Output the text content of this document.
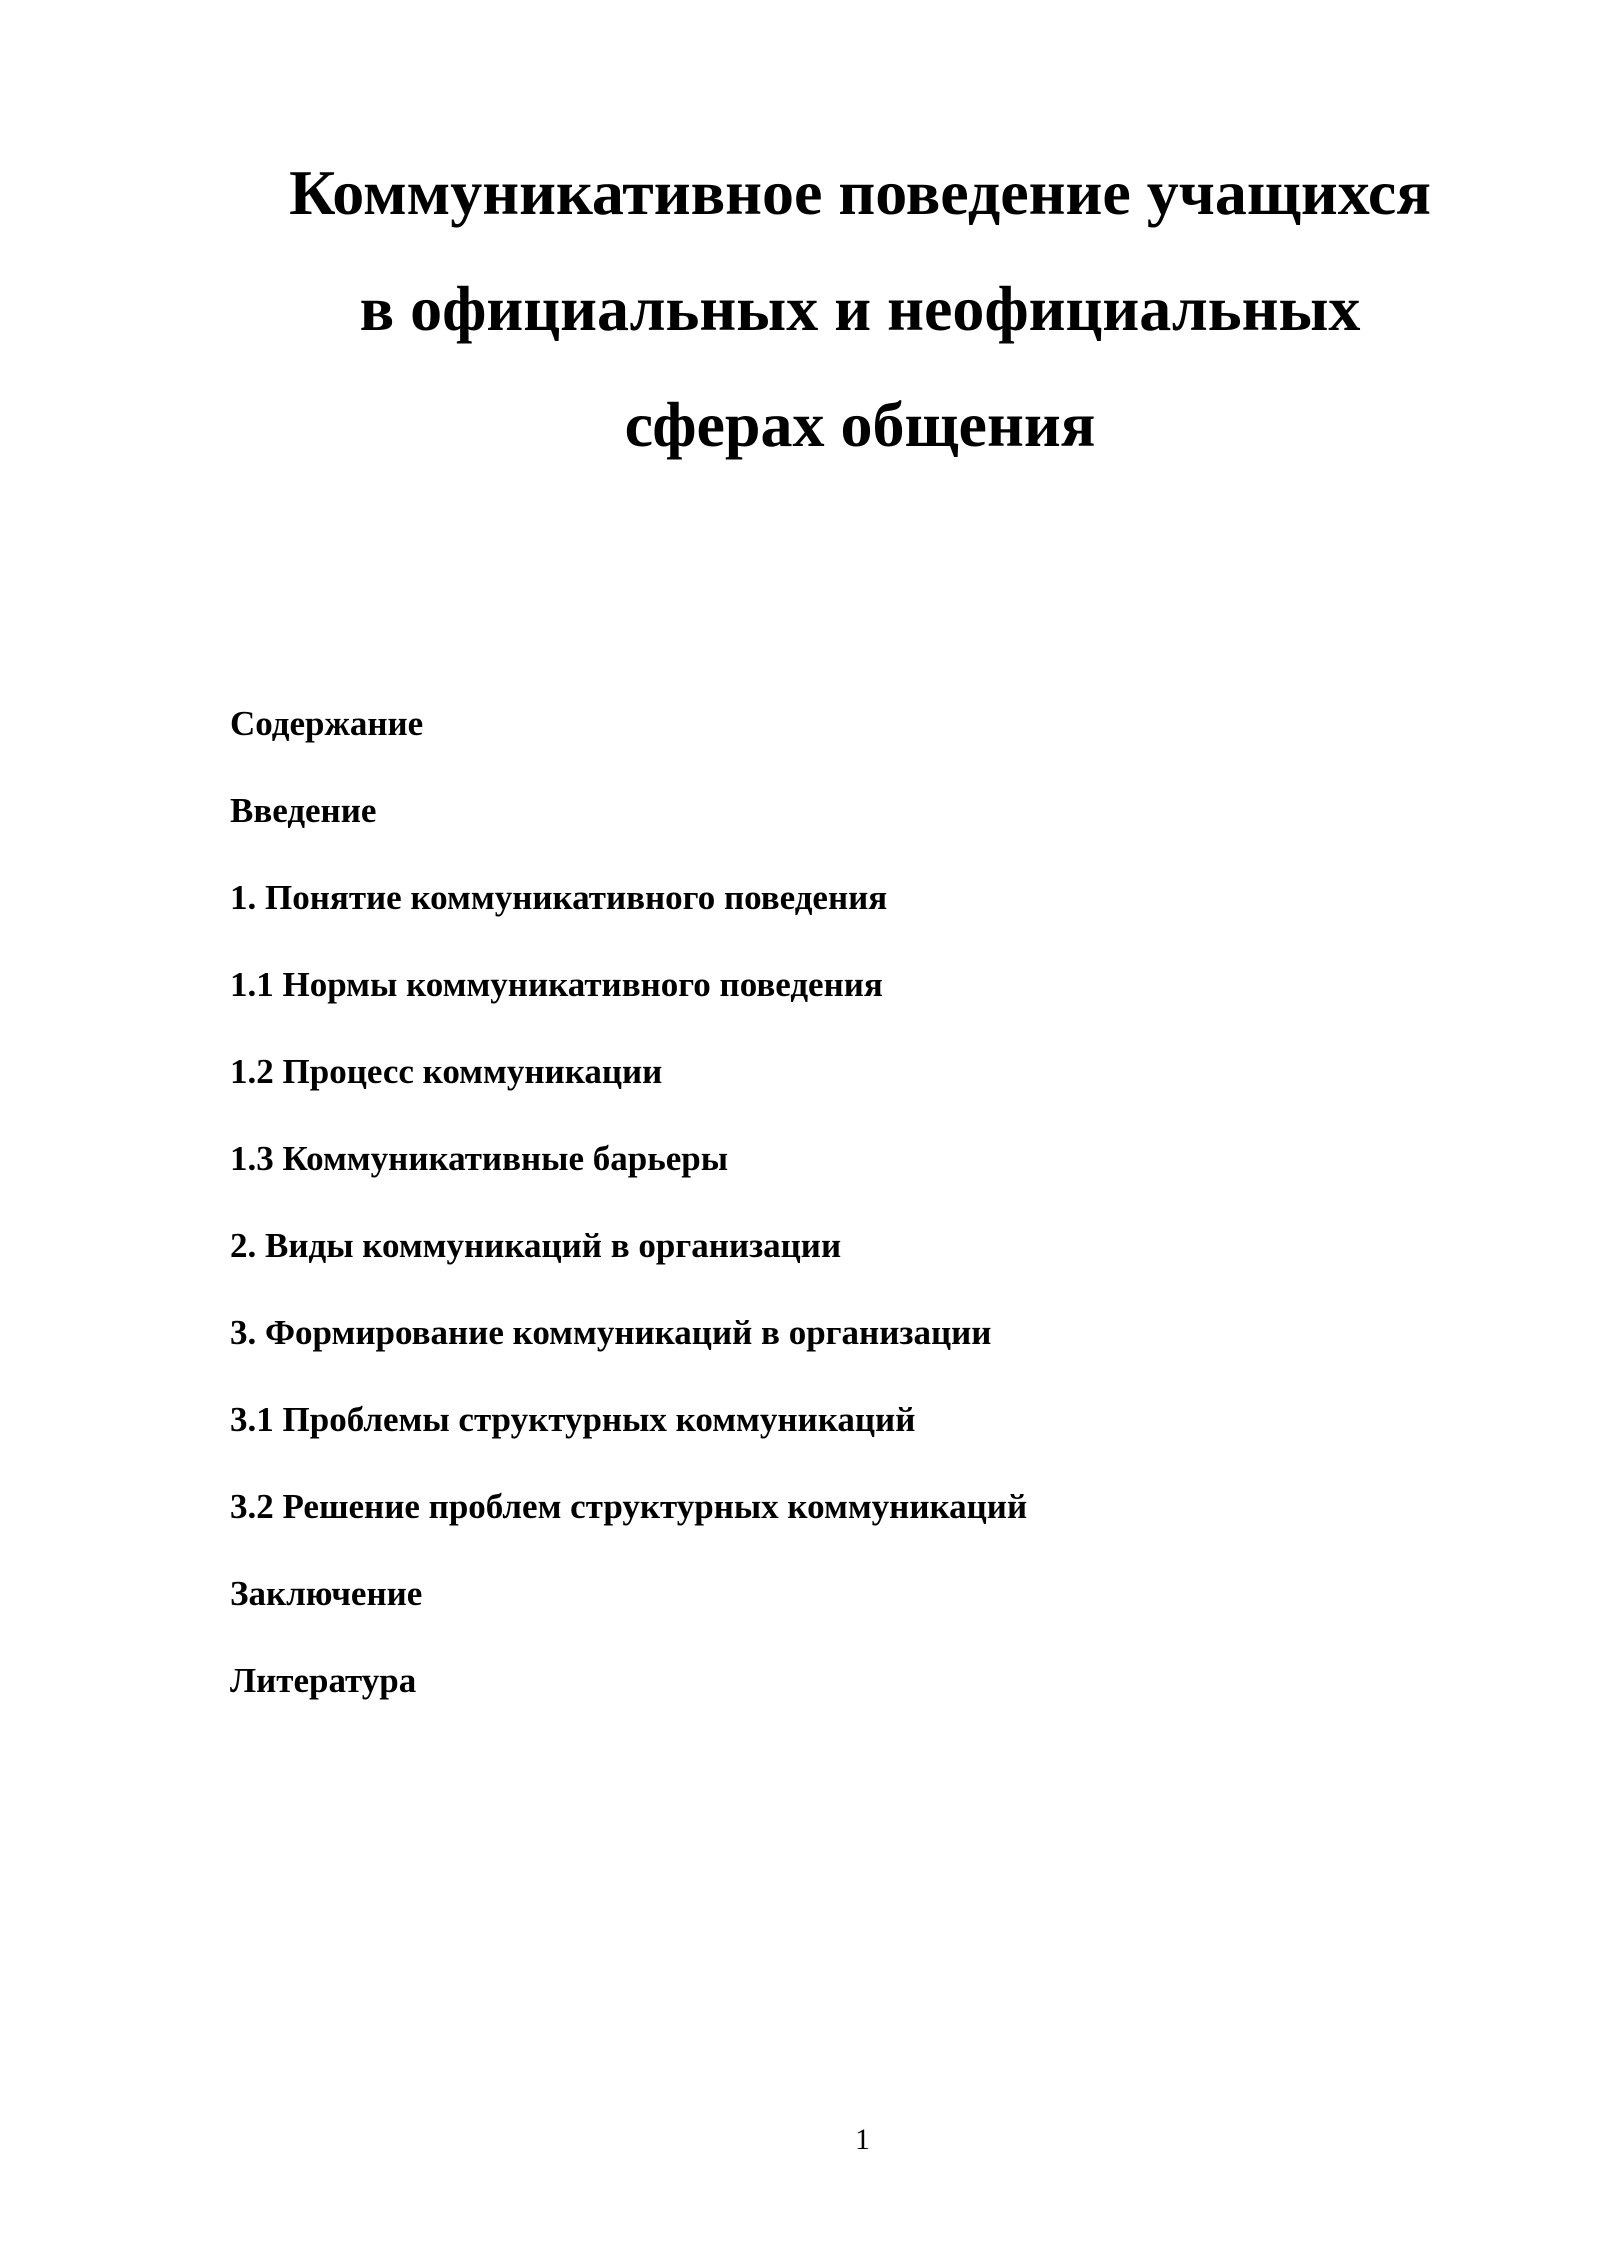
Коммуникативное поведение учащихся
в официальных и неофициальных
сферах общения
Содержание
Введение
1. Понятие коммуникативного поведения
1.1 Нормы коммуникативного поведения
1.2 Процесс коммуникации
1.3 Коммуникативные барьеры
2. Виды коммуникаций в организации
3. Формирование коммуникаций в организации
3.1 Проблемы структурных коммуникаций
3.2 Решение проблем структурных коммуникаций
Заключение
Литература
1
